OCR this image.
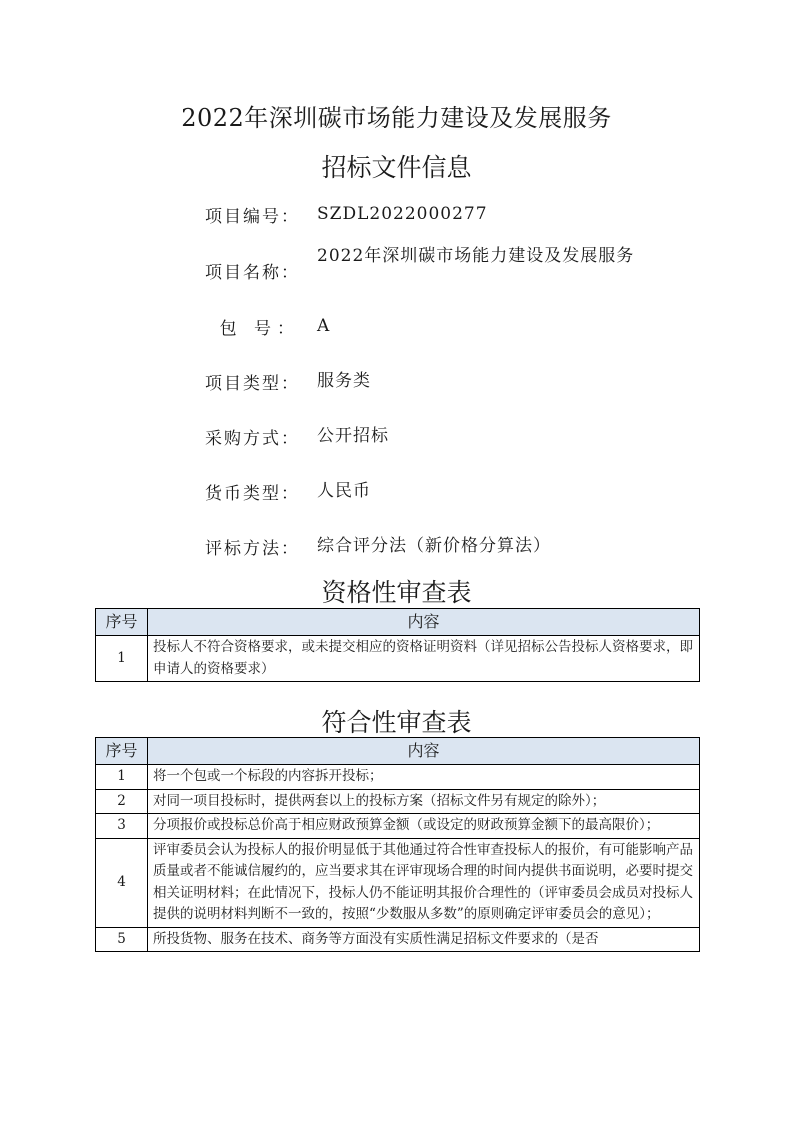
2022年深圳碳市场能力建设及发展服务
招标文件信息
项目编号： SZDL2022000277
项目名称：
2022年深圳碳市场能力建设及发展服务
包 号： A
项目类型： 服务类
采购方式： 公开招标
货币类型： 人民币
评标方法： 综合评分法（新价格分算法）
资格性审查表
序号	内容
1	投标人不符合资格要求，或未提交相应的资格证明资料（详见招标公告投标人资格要求，即申请人的资格要求）
符合性审查表
序号	内容
1	将一个包或一个标段的内容拆开投标；
2	对同一项目投标时，提供两套以上的投标方案（招标文件另有规定的除外）；
3	分项报价或投标总价高于相应财政预算金额（或设定的财政预算金额下的最高限价）；
4	评审委员会认为投标人的报价明显低于其他通过符合性审查投标人的报价，有可能影响产品质量或者不能诚信履约的，应当要求其在评审现场合理的时间内提供书面说明，必要时提交相关证明材料；在此情况下，投标人仍不能证明其报价合理性的（评审委员会成员对投标人提供的说明材料判断不一致的，按照“少数服从多数”的原则确定评审委员会的意见）；
5	所投货物、服务在技术、商务等方面没有实质性满足招标文件要求的（是否
